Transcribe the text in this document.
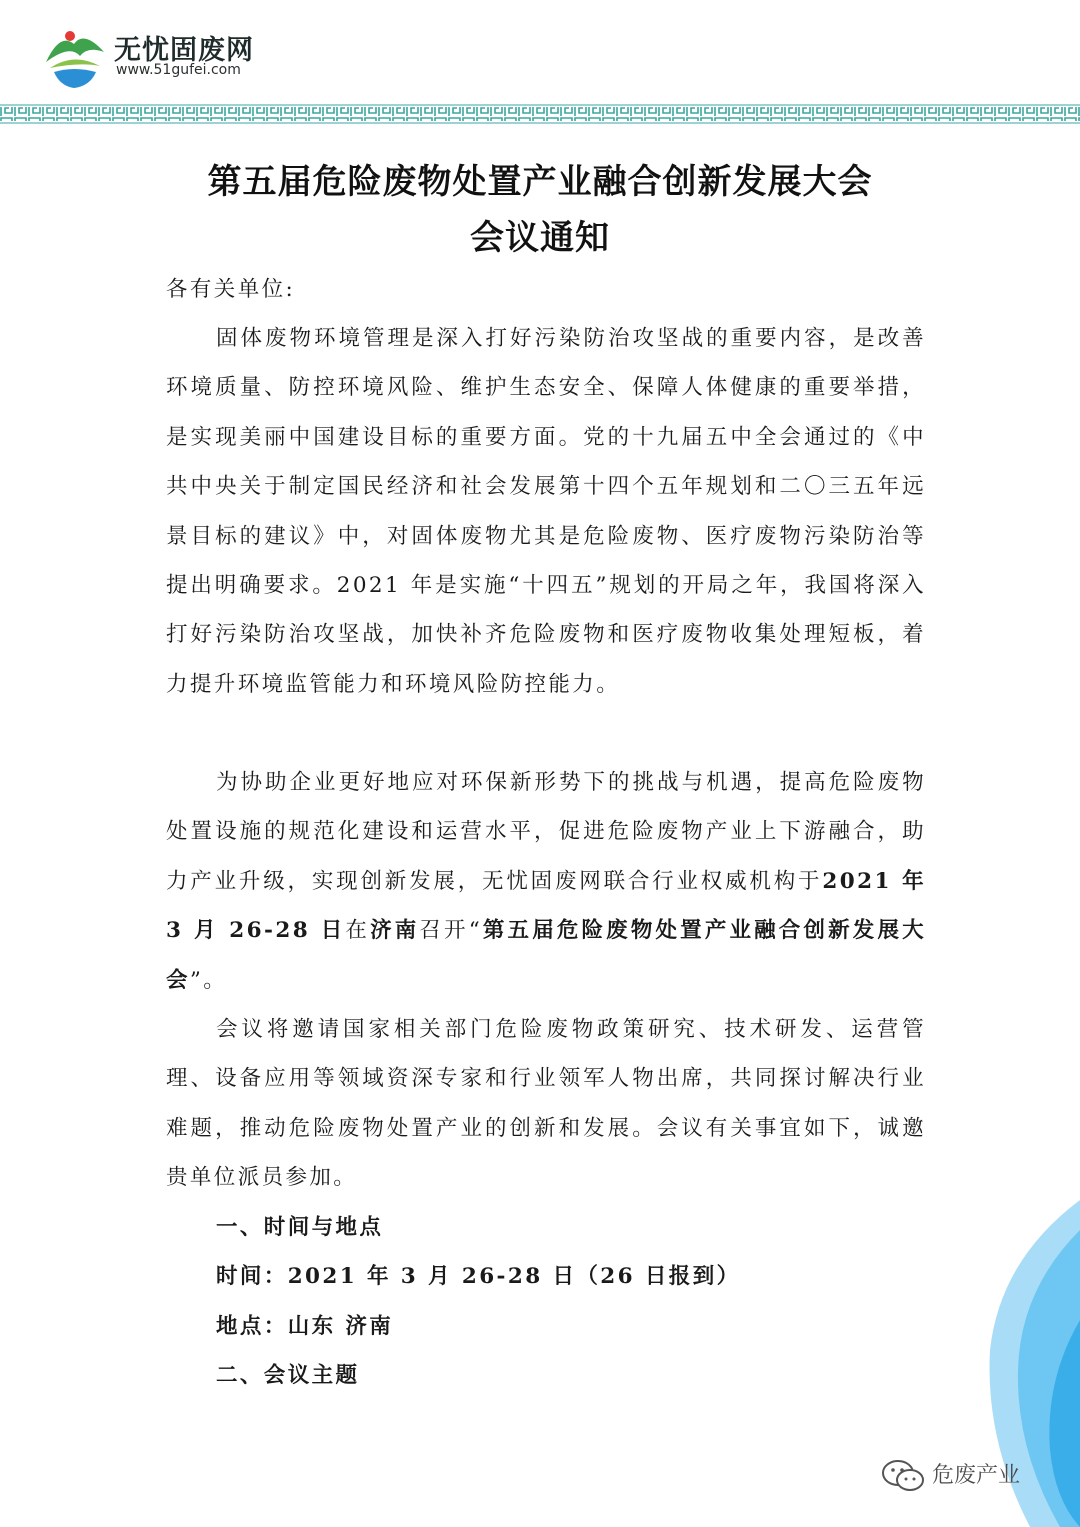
无忧固废网
www.51gufei.com
第五届危险废物处置产业融合创新发展大会
会议通知
各有关单位:
固体废物环境管理是深入打好污染防治攻坚战的重要内容，是改善环境质量、防控环境风险、维护生态安全、保障人体健康的重要举措，是实现美丽中国建设目标的重要方面。党的十九届五中全会通过的《中共中央关于制定国民经济和社会发展第十四个五年规划和二〇三五年远景目标的建议》中，对固体废物尤其是危险废物、医疗废物污染防治等提出明确要求。2021 年是实施“十四五”规划的开局之年，我国将深入打好污染防治攻坚战，加快补齐危险废物和医疗废物收集处理短板，着力提升环境监管能力和环境风险防控能力。
为协助企业更好地应对环保新形势下的挑战与机遇，提高危险废物处置设施的规范化建设和运营水平，促进危险废物产业上下游融合，助力产业升级，实现创新发展，无忧固废网联合行业权威机构于2021 年 3 月 26-28 日在济南召开“第五届危险废物处置产业融合创新发展大会”。
会议将邀请国家相关部门危险废物政策研究、技术研发、运营管理、设备应用等领域资深专家和行业领军人物出席，共同探讨解决行业难题，推动危险废物处置产业的创新和发展。会议有关事宜如下，诚邀贵单位派员参加。
一、时间与地点
时间：2021 年 3 月 26-28 日（26 日报到）
地点：山东 济南
二、会议主题
危废产业
